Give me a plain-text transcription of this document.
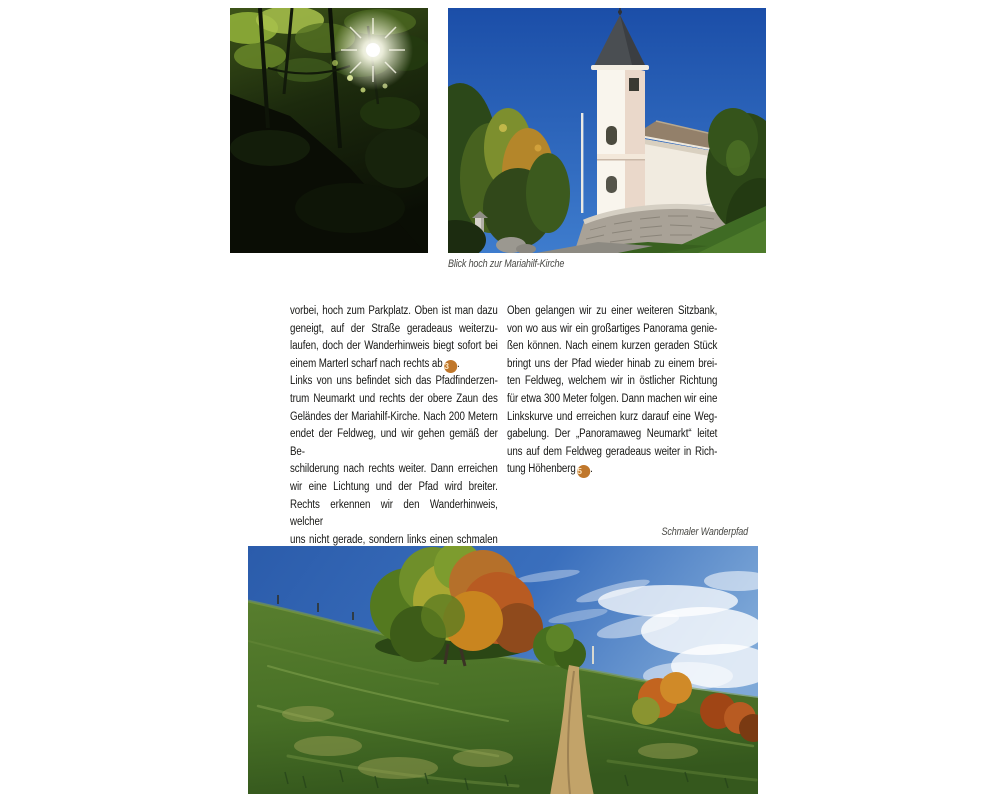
Blick hoch zur Mariahilf-Kirche
vorbei, hoch zum Parkplatz. Oben ist man dazu
geneigt, auf der Straße geradeaus weiterzu-
laufen, doch der Wanderhinweis biegt sofort bei
einem Marterl scharf nach rechts ab 3 .
Links von uns befindet sich das Pfadfinderzen-
trum Neumarkt und rechts der obere Zaun des
Geländes der Mariahilf-Kirche. Nach 200 Metern
endet der Feldweg, und wir gehen gemäß der Be-
schilderung nach rechts weiter. Dann erreichen
wir eine Lichtung und der Pfad wird breiter.
Rechts erkennen wir den Wanderhinweis, welcher
uns nicht gerade, sondern links einen schmalen
Oben gelangen wir zu einer weiteren Sitzbank,
von wo aus wir ein großartiges Panorama genie-
ßen können. Nach einem kurzen geraden Stück
bringt uns der Pfad wieder hinab zu einem brei-
ten Feldweg, welchem wir in östlicher Richtung
für etwa 300 Meter folgen. Dann machen wir eine
Linkskurve und erreichen kurz darauf eine Weg-
gabelung. Der „Panoramaweg Neumarkt“ leitet
uns auf dem Feldweg geradeaus weiter in Rich-
tung Höhenberg 5 .
Schmaler Wanderpfad
